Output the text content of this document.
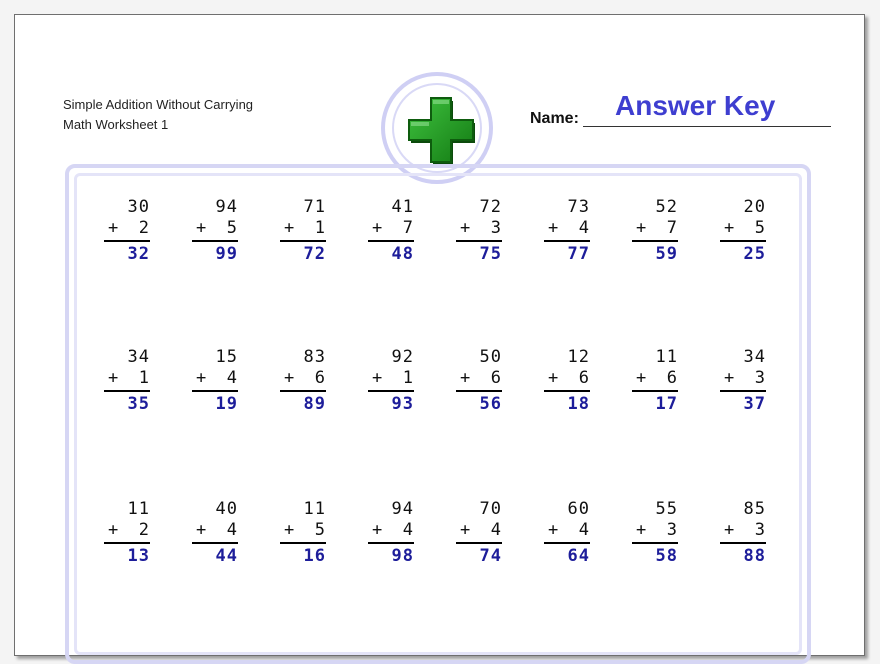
Simple Addition Without Carrying
Math Worksheet 1	Name: Answer Key
30
+ 2
32
94
+ 5
99
71
+ 1
72
41
+ 7
48
72
+ 3
75
73
+ 4
77
52
+ 7
59
20
+ 5
25
34
+ 1
35
15
+ 4
19
83
+ 6
89
92
+ 1
93
50
+ 6
56
12
+ 6
18
11
+ 6
17
34
+ 3
37
11
+ 2
13
40
+ 4
44
11
+ 5
16
94
+ 4
98
70
+ 4
74
60
+ 4
64
55
+ 3
58
85
+ 3
88
